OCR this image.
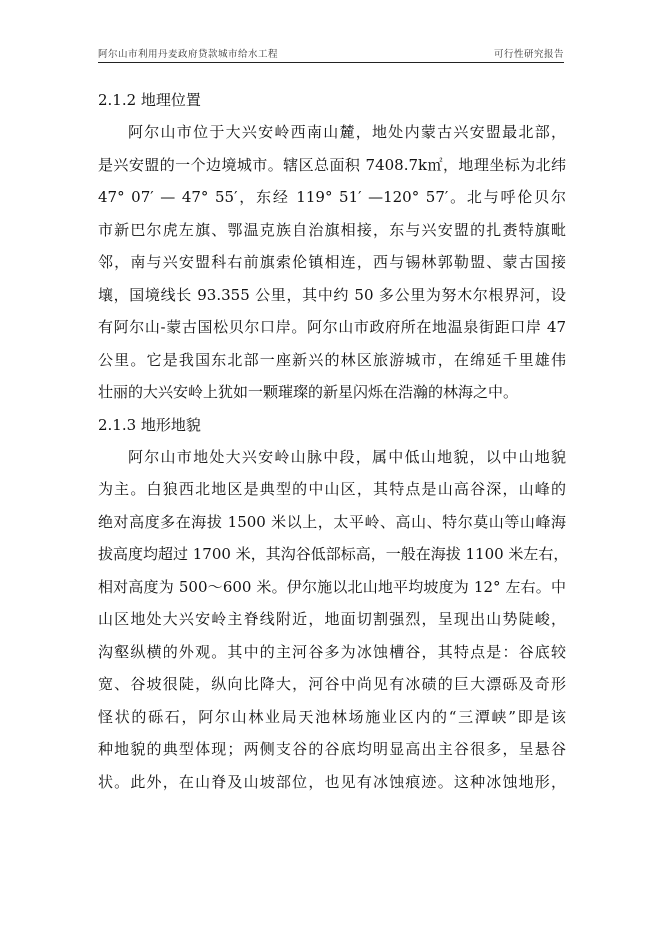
阿尔山市利用丹麦政府贷款城市给水工程	可行性研究报告
2.1.2 地理位置
阿尔山市位于大兴安岭西南山麓，地处内蒙古兴安盟最北部，
是兴安盟的一个边境城市。辖区总面积 7408.7k㎡，地理坐标为北纬
47° 07′ — 47° 55′，东经 119° 51′ —120° 57′。北与呼伦贝尔
市新巴尔虎左旗、鄂温克族自治旗相接，东与兴安盟的扎赉特旗毗
邻，南与兴安盟科右前旗索伦镇相连，西与锡林郭勒盟、蒙古国接
壤，国境线长 93.355 公里，其中约 50 多公里为努木尔根界河，设
有阿尔山-蒙古国松贝尔口岸。阿尔山市政府所在地温泉街距口岸 47
公里。它是我国东北部一座新兴的林区旅游城市，在绵延千里雄伟
壮丽的大兴安岭上犹如一颗璀璨的新星闪烁在浩瀚的林海之中。
2.1.3 地形地貌
阿尔山市地处大兴安岭山脉中段，属中低山地貌，以中山地貌
为主。白狼西北地区是典型的中山区，其特点是山高谷深，山峰的
绝对高度多在海拔 1500 米以上，太平岭、高山、特尔莫山等山峰海
拔高度均超过 1700 米，其沟谷低部标高，一般在海拔 1100 米左右，
相对高度为 500～600 米。伊尔施以北山地平均坡度为 12° 左右。中
山区地处大兴安岭主脊线附近，地面切割强烈，呈现出山势陡峻，
沟壑纵横的外观。其中的主河谷多为冰蚀槽谷，其特点是：谷底较
宽、谷坡很陡，纵向比降大，河谷中尚见有冰碛的巨大漂砾及奇形
怪状的砾石，阿尔山林业局天池林场施业区内的“三潭峡”即是该
种地貌的典型体现；两侧支谷的谷底均明显高出主谷很多，呈悬谷
状。此外，在山脊及山坡部位，也见有冰蚀痕迹。这种冰蚀地形，
